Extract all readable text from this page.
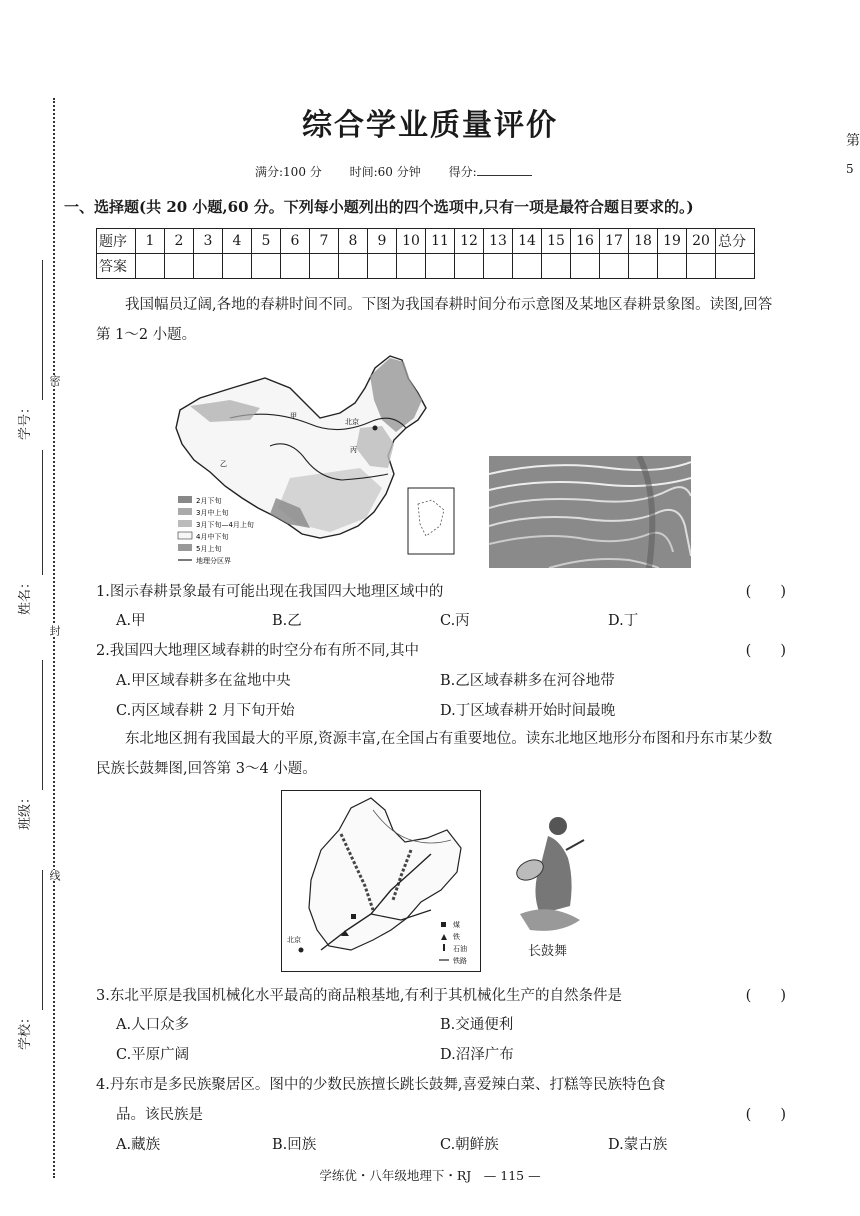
学号：
姓名：
班级：
学校：
密
封
线
第
5
综合学业质量评价
满分:100 分 时间:60 分钟 得分:
一、选择题(共 20 小题,60 分。下列每小题列出的四个选项中,只有一项是最符合题目要求的。)
题序	1	2	3	4	5	6	7	8	9	10	11	12	13	14	15	16	17	18	19	20	总分
答案																					
我国幅员辽阔,各地的春耕时间不同。下图为我国春耕时间分布示意图及某地区春耕景象图。读图,回答第 1～2 小题。
甲
乙
丙
北京
2月下旬
3月中上旬
3月下旬—4月上旬
4月中下旬
5月上旬
地理分区界
1.图示春耕景象最有可能出现在我国四大地理区域中的	(　　)
A.甲	B.乙	C.丙	D.丁
2.我国四大地理区域春耕的时空分布有所不同,其中	(　　)
A.甲区域春耕多在盆地中央	B.乙区域春耕多在河谷地带
C.丙区域春耕 2 月下旬开始	D.丁区域春耕开始时间最晚
东北地区拥有我国最大的平原,资源丰富,在全国占有重要地位。读东北地区地形分布图和丹东市某少数民族长鼓舞图,回答第 3～4 小题。
北京
煤
铁
石油
铁路
长鼓舞
3.东北平原是我国机械化水平最高的商品粮基地,有利于其机械化生产的自然条件是	(　　)
A.人口众多	B.交通便利
C.平原广阔	D.沼泽广布
4.丹东市是多民族聚居区。图中的少数民族擅长跳长鼓舞,喜爱辣白菜、打糕等民族特色食
品。该民族是	(　　)
A.藏族	B.回族	C.朝鲜族	D.蒙古族
学练优・八年级地理下・RJ　— 115 —
